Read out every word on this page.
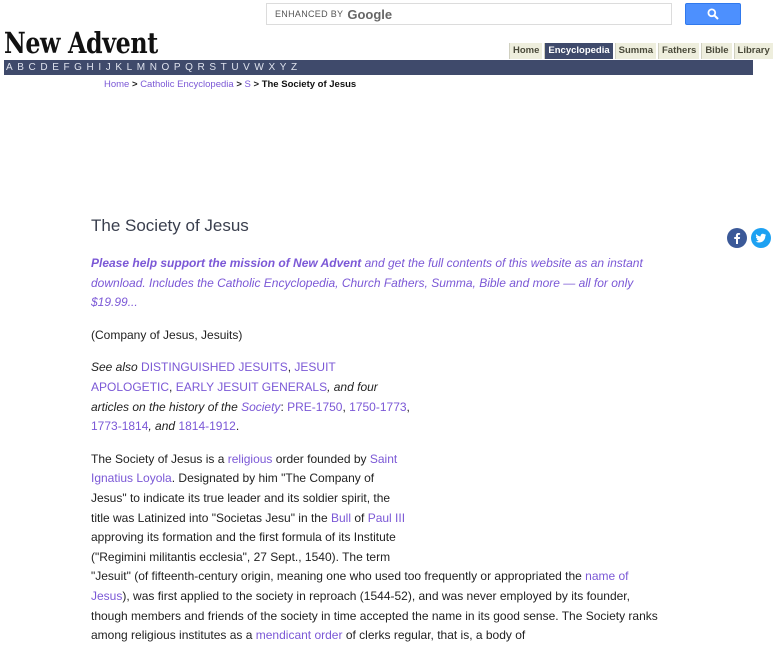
ENHANCED BY Google
New Advent	Home Encyclopedia Summa Fathers Bible Library
A B C D E F G H I J K L M N O P Q R S T U V W X Y Z
Home > Catholic Encyclopedia > S > The Society of Jesus
The Society of Jesus

Please help support the mission of New Advent and get the full contents of this website as an instant download. Includes the Catholic Encyclopedia, Church Fathers, Summa, Bible and more — all for only $19.99...

(Company of Jesus, Jesuits)

See also DISTINGUISHED JESUITS, JESUIT APOLOGETIC, EARLY JESUIT GENERALS, and four articles on the history of the Society: PRE-1750, 1750-1773, 1773-1814, and 1814-1912.

The Society of Jesus is a religious order founded by Saint Ignatius Loyola. Designated by him "The Company of Jesus" to indicate its true leader and its soldier spirit, the title was Latinized into "Societas Jesu" in the Bull of Paul III approving its formation and the first formula of its Institute ("Regimini militantis ecclesia", 27 Sept., 1540). The term "Jesuit" (of fifteenth-century origin, meaning one who used too frequently or appropriated the name of Jesus), was first applied to the society in reproach (1544-52), and was never employed by its founder, though members and friends of the society in time accepted the name in its good sense. The Society ranks among religious institutes as a mendicant order of clerks regular, that is, a body of
